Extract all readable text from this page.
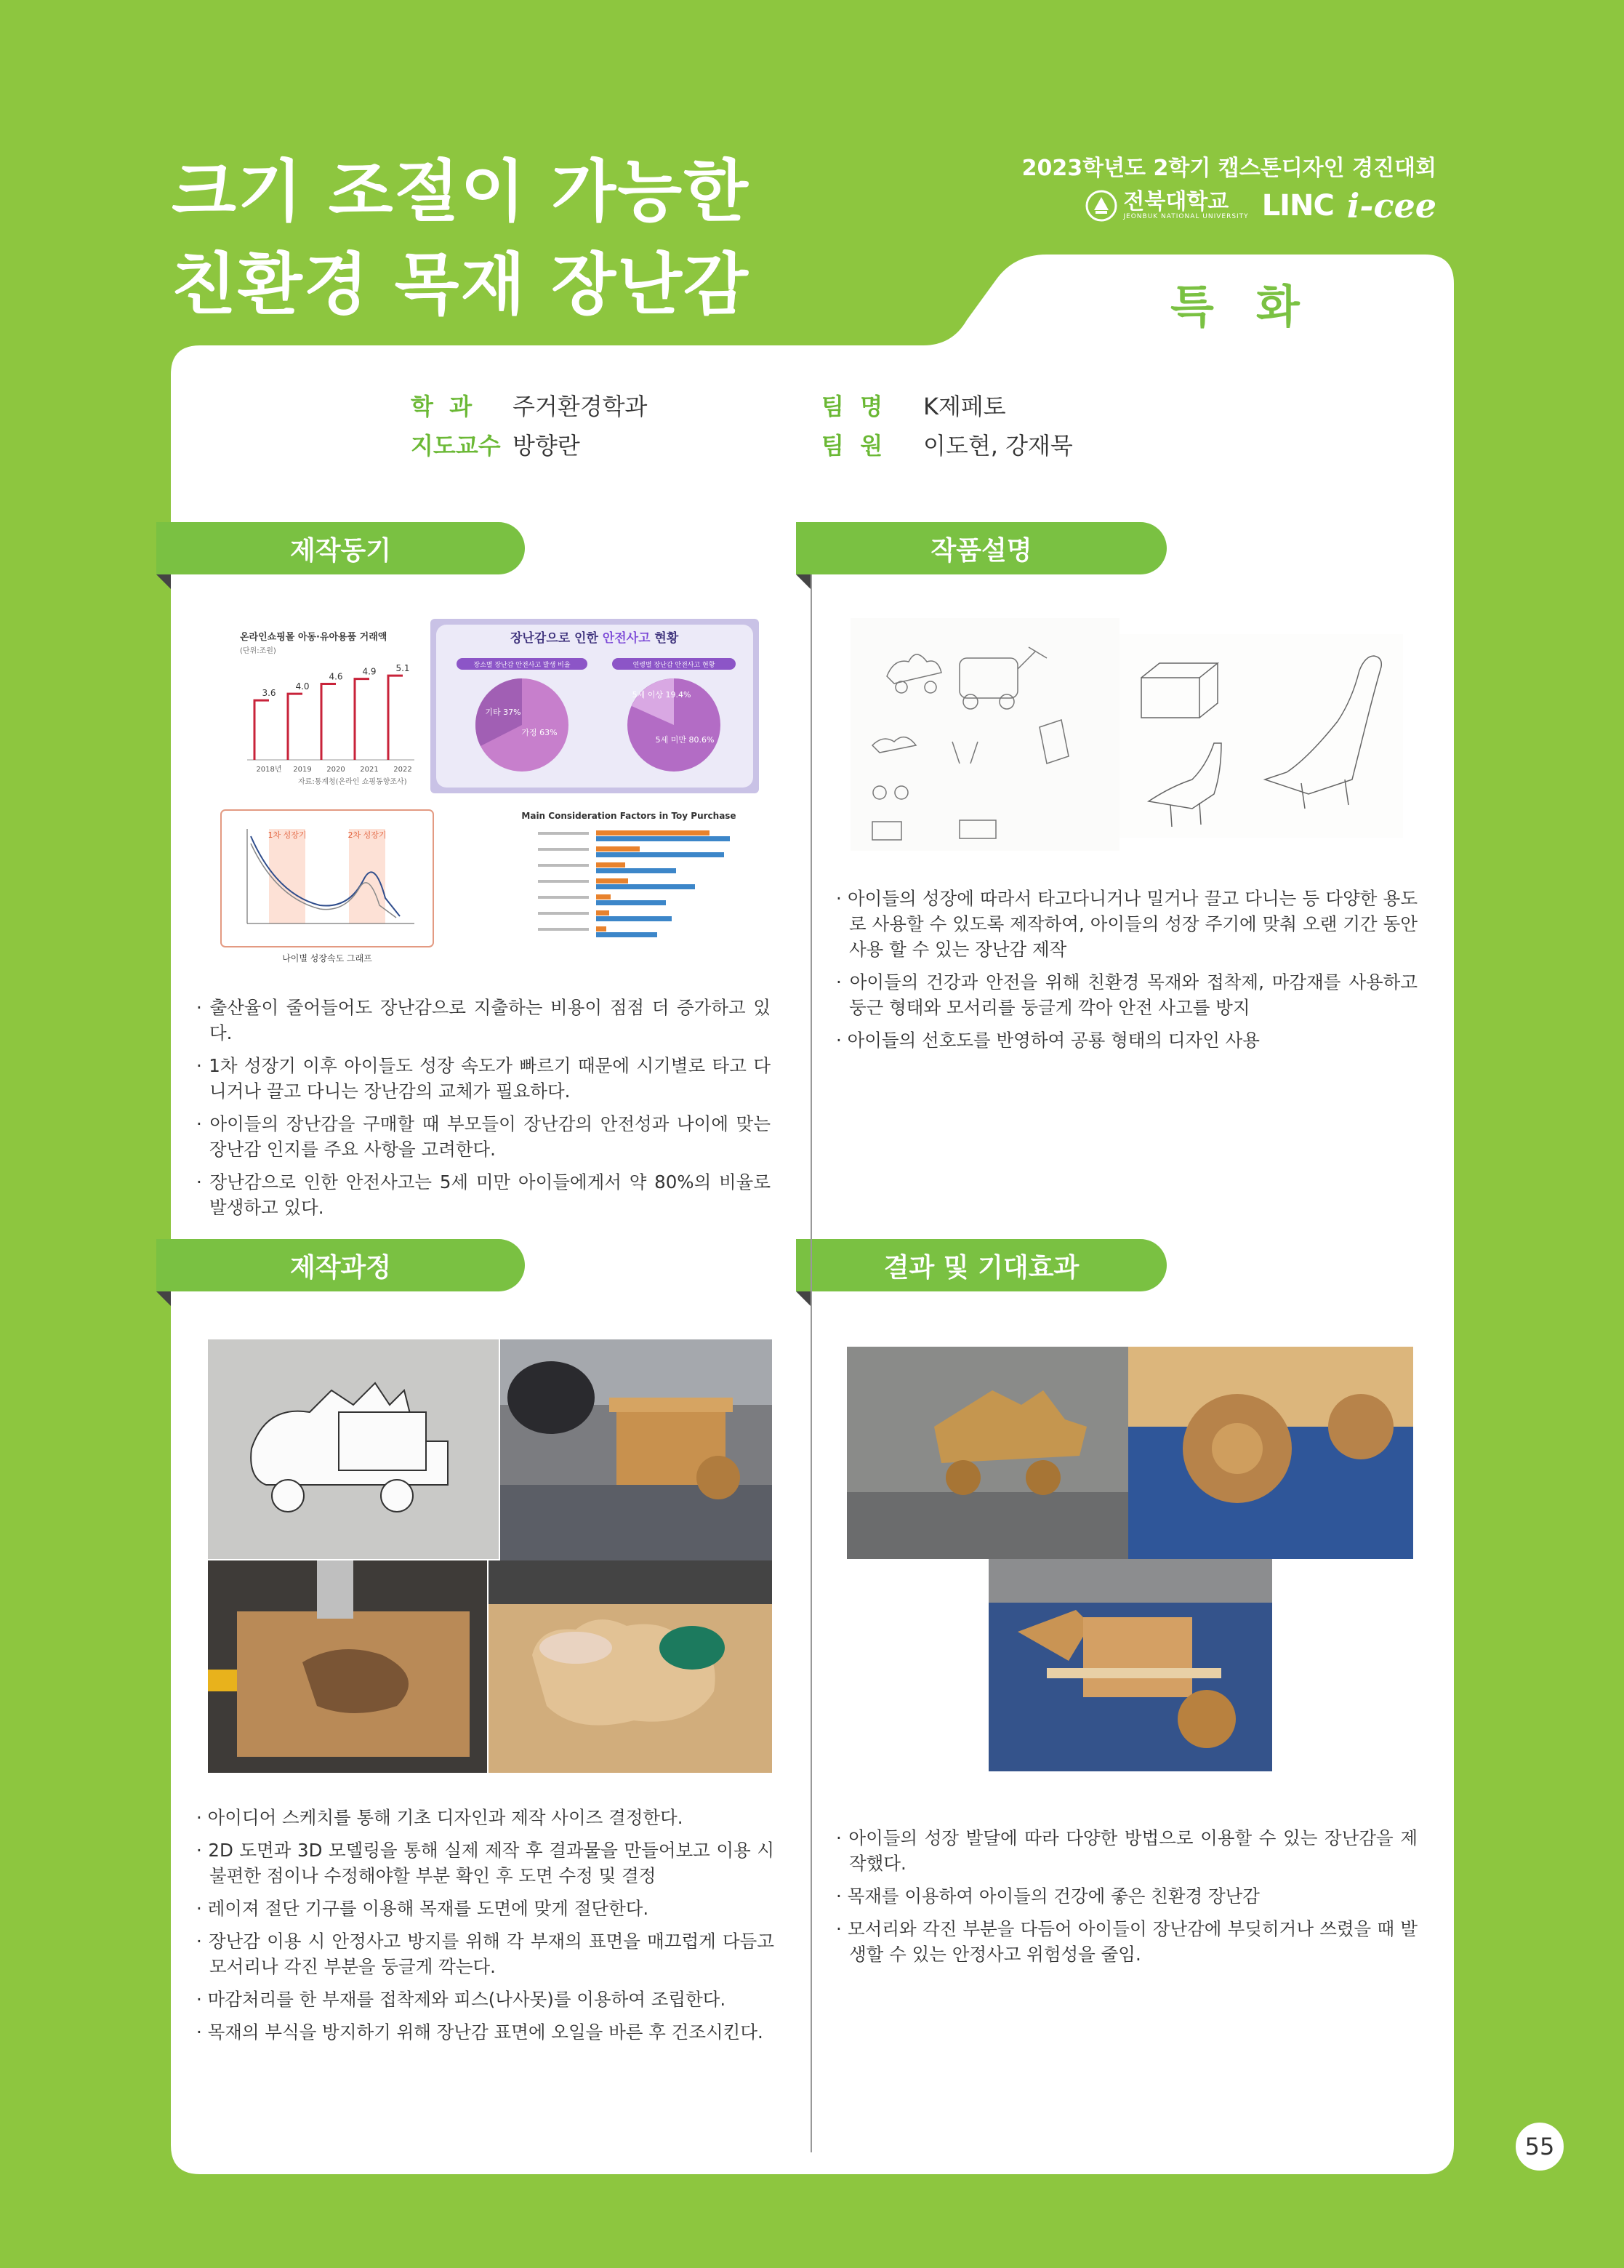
크기 조절이 가능한
친환경 목재 장난감
2023학년도 2학기 캡스톤디자인 경진대회
전북대학교
JEONBUK NATIONAL UNIVERSITY LINC i-cee
특화
학  과 주거환경학과
지도교수 방향란
팀  명 K제페토
팀  원 이도현, 강재묵
제작동기	작품설명
제작과정	결과 및 기대효과
온라인쇼핑몰 아동·유아용품 거래액
(단위:조원)
3.6
2018년
4.0
2019
4.6
2020
4.9
2021
5.1
2022
자료:통계청(온라인 쇼핑동향조사)
장난감으로 인한 안전사고 현황
장소별 장난감 안전사고 발생 비율	연령별 장난감 안전사고 현황
기타 37%
가정 63%
5세 이상 19.4%
5세 미만 80.6%
1차 성장기	2차 성장기
나이별 성장속도 그래프
Main Consideration Factors in Toy Purchase
· 출산율이 줄어들어도 장난감으로 지출하는 비용이 점점 더 증가하고 있다.
· 1차 성장기 이후 아이들도 성장 속도가 빠르기 때문에 시기별로 타고 다니거나 끌고 다니는 장난감의 교체가 필요하다.
· 아이들의 장난감을 구매할 때 부모들이 장난감의 안전성과 나이에 맞는 장난감 인지를 주요 사항을 고려한다.
· 장난감으로 인한 안전사고는 5세 미만 아이들에게서 약 80%의 비율로 발생하고 있다.
· 아이들의 성장에 따라서 타고다니거나 밀거나 끌고 다니는 등 다양한 용도로 사용할 수 있도록 제작하여, 아이들의 성장 주기에 맞춰 오랜 기간 동안 사용 할 수 있는 장난감 제작
· 아이들의 건강과 안전을 위해 친환경 목재와 접착제, 마감재를 사용하고 둥근 형태와 모서리를 둥글게 깍아 안전 사고를 방지
· 아이들의 선호도를 반영하여 공룡 형태의 디자인 사용
· 아이디어 스케치를 통해 기초 디자인과 제작 사이즈 결정한다.
· 2D 도면과 3D 모델링을 통해 실제 제작 후 결과물을 만들어보고 이용 시 불편한 점이나 수정해야할 부분 확인 후 도면 수정 및 결정
· 레이져 절단 기구를 이용해 목재를 도면에 맞게 절단한다.
· 장난감 이용 시 안정사고 방지를 위해 각 부재의 표면을 매끄럽게 다듬고 모서리나 각진 부분을 둥글게 깍는다.
· 마감처리를 한 부재를 접착제와 피스(나사못)를 이용하여 조립한다.
· 목재의 부식을 방지하기 위해 장난감 표면에 오일을 바른 후 건조시킨다.
· 아이들의 성장 발달에 따라 다양한 방법으로 이용할 수 있는 장난감을 제작했다.
· 목재를 이용하여 아이들의 건강에 좋은 친환경 장난감
· 모서리와 각진 부분을 다듬어 아이들이 장난감에 부딪히거나 쓰렸을 때 발생할 수 있는 안정사고 위험성을 줄임.
55
